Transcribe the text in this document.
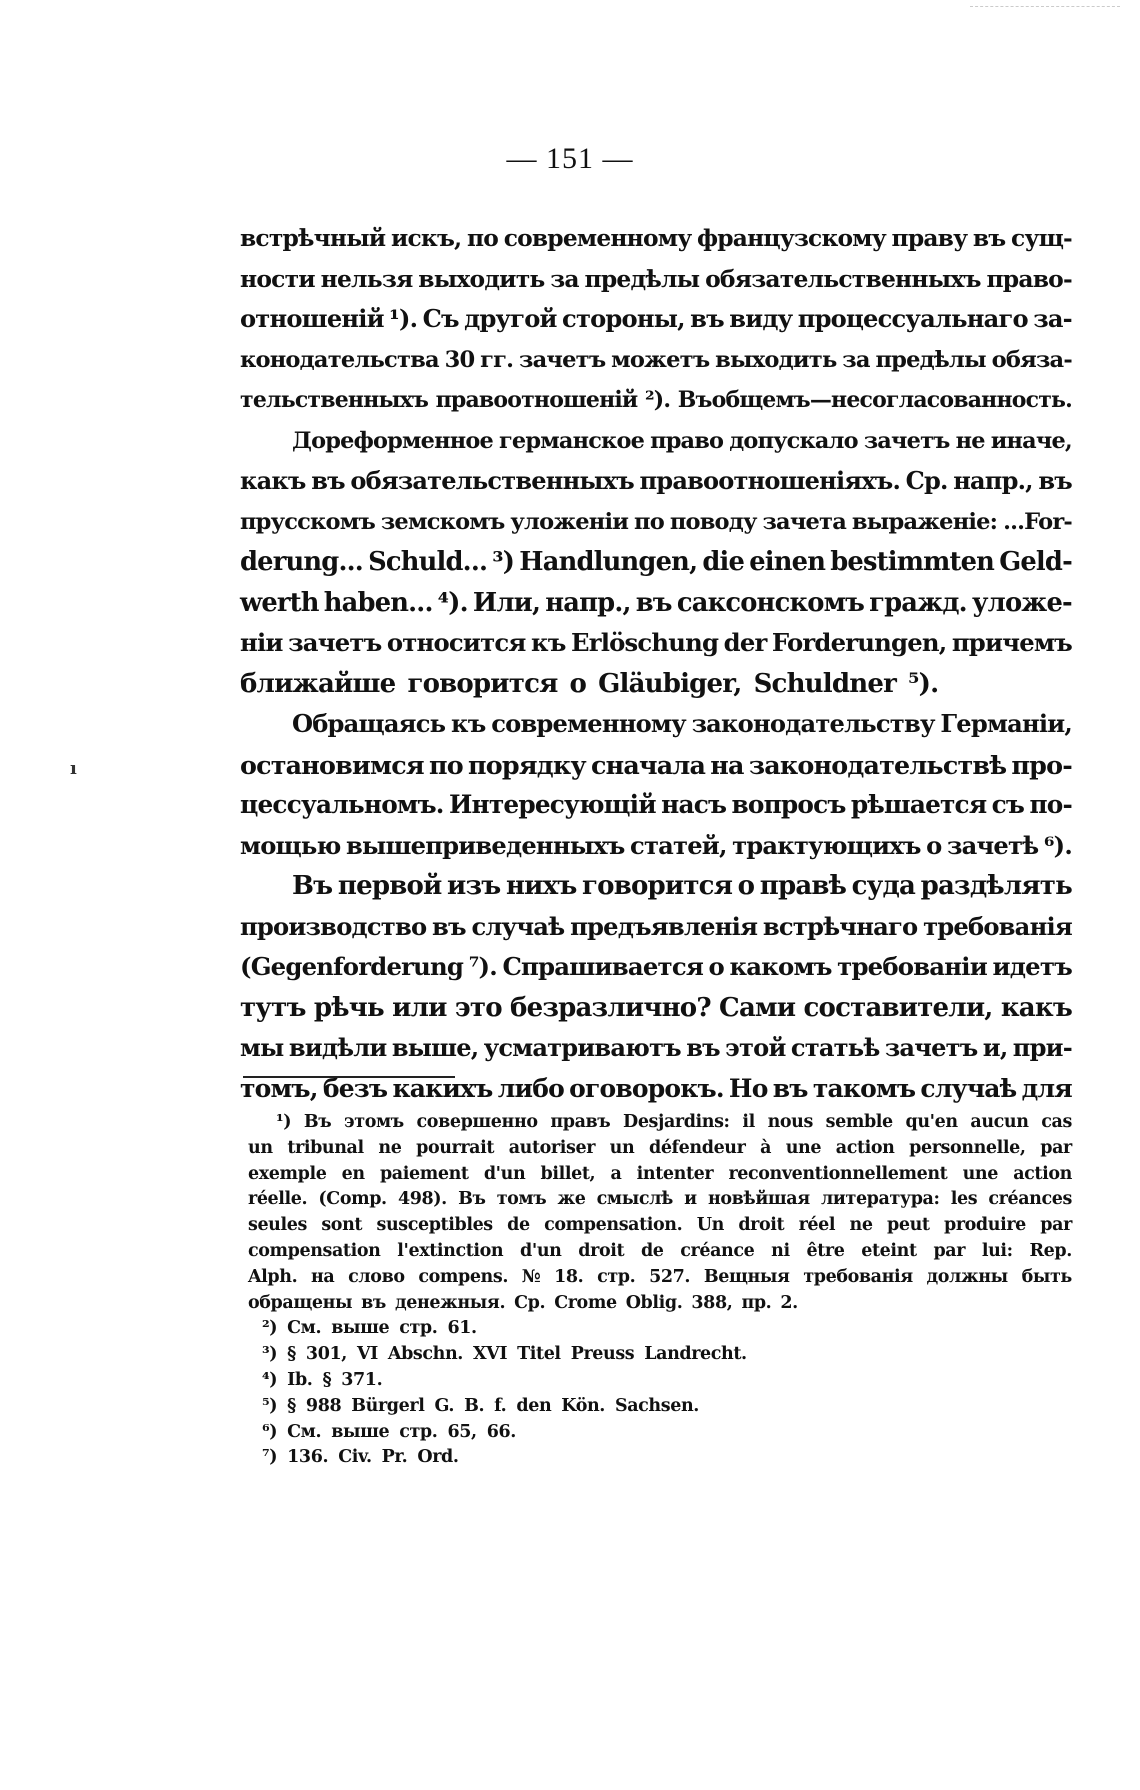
ı
— 151 —
встрѣчный искъ, по современному французскому праву въ сущ-
ности нельзя выходить за предѣлы обязательственныхъ право-
отношеній ¹). Съ другой стороны, въ виду процессуальнаго за-
конодательства 30 гг. зачетъ можетъ выходить за предѣлы обяза-
тельственныхъ правоотношеній ²). Въобщемъ—несогласованность.
Дореформенное германское право допускало зачетъ не иначе,
какъ въ обязательственныхъ правоотношеніяхъ. Ср. напр., въ
прусскомъ земскомъ уложеніи по поводу зачета выраженіе: ...For-
derung... Schuld... ³) Handlungen, die einen bestimmten Geld-
werth haben... ⁴). Или, напр., въ саксонскомъ гражд. уложе-
ніи зачетъ относится къ Erlöschung der Forderungen, причемъ
ближайше говорится о Gläubiger, Schuldner ⁵).
Обращаясь къ современному законодательству Германіи,
остановимся по порядку сначала на законодательствѣ про-
цессуальномъ. Интересующій насъ вопросъ рѣшается съ по-
мощью вышеприведенныхъ статей, трактующихъ о зачетѣ ⁶).
Въ первой изъ нихъ говорится о правѣ суда раздѣлять
производство въ случаѣ предъявленія встрѣчнаго требованія
(Gegenforderung ⁷). Спрашивается о какомъ требованіи идетъ
тутъ рѣчь или это безразлично? Сами составители, какъ
мы видѣли выше, усматриваютъ въ этой статьѣ зачетъ и, при-
томъ, безъ какихъ либо оговорокъ. Но въ такомъ случаѣ для
¹) Въ этомъ совершенно правъ Desjardins: il nous semble qu'en aucun cas
un tribunal ne pourrait autoriser un défendeur à une action personnelle, par
exemple en paiement d'un billet, a intenter reconventionnellement une action
réelle. (Comp. 498). Въ томъ же смыслѣ и новѣйшая литература: les créances
seules sont susceptibles de compensation. Un droit réel ne peut produire par
compensation l'extinction d'un droit de créance ni être eteint par lui: Rep.
Alph. на слово compens. № 18. стр. 527. Вещныя требованія должны быть
обращены въ денежныя. Ср. Crome Oblig. 388, пр. 2.
²) См. выше стр. 61.
³) § 301, VI Abschn. XVI Titel Preuss Landrecht.
⁴) Ib. § 371.
⁵) § 988 Bürgerl G. B. f. den Kön. Sachsen.
⁶) См. выше стр. 65, 66.
⁷) 136. Civ. Pr. Ord.
